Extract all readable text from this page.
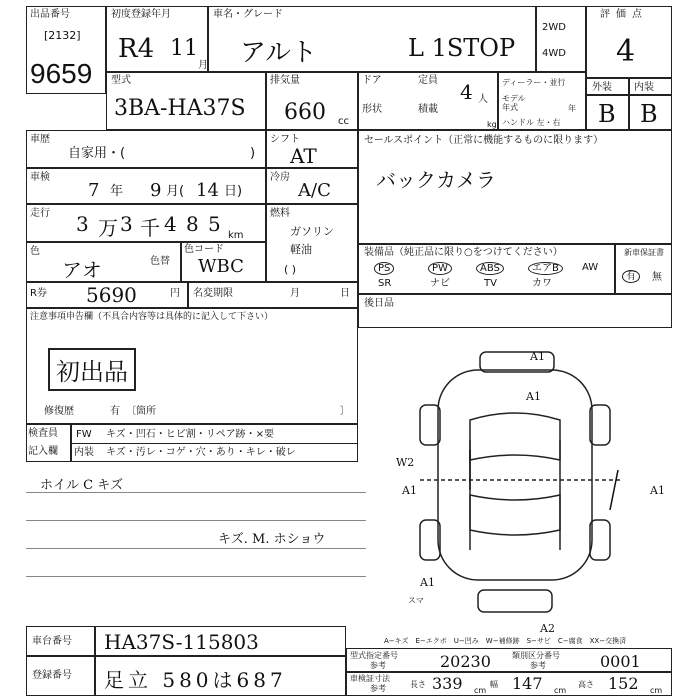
出品番号
[2132]
9659
初度登録年月
R4 11
月
車名・グレード
アルト	L 1STOP
2WD
4WD
評価点
4
外装 内装
B B
型式
3BA-HA37S
排気量
660 cc
ドア	定員 4 人
形状	積載
kg
ディーラー・並行
モデル年式	年
ハンドル 左・右
車歴
自家用・(	)
シフト
AT
車検
7 年 9 月( 14 日)
冷房
A/C
走行 3 万 3 千 4 8 5 km
燃料
ガソリン
軽油
( )
色
アオ	色替
色コード
WBC
R券 5690	円 名変期限	月	日
注意事項申告欄（不具合内容等は具体的に記入して下さい）
初出品
修復歴	有 〔箇所	〕
検査員
記入欄
FW キズ・凹石・ヒビ割・リペア跡・×要
内装 キズ・汚レ・コゲ・穴・あり・キレ・破レ
ホイル C キズ
キズ. M. ホショウ
セールスポイント（正常に機能するものに限ります）
バックカメラ
装備品（純正品に限り○をつけてください）	新車保証書
PS	PW	ABS	エアB	AW
SR	ナビ	TV	カワ
有	無
後日品
A1
A1
W2
A1	A1
A1
A2
スマ
A−キズ　E−エクボ　U−凹み　W−補修跡　S−サビ　C−腐食　XX−交換済
車台番号 HA37S-115803
登録番号 足立 580は687
型式指定番号
参考	20230	類別区分番号
参考	0001
車検証寸法
参考	長さ 339 cm
幅 147 cm
高さ 152 cm
